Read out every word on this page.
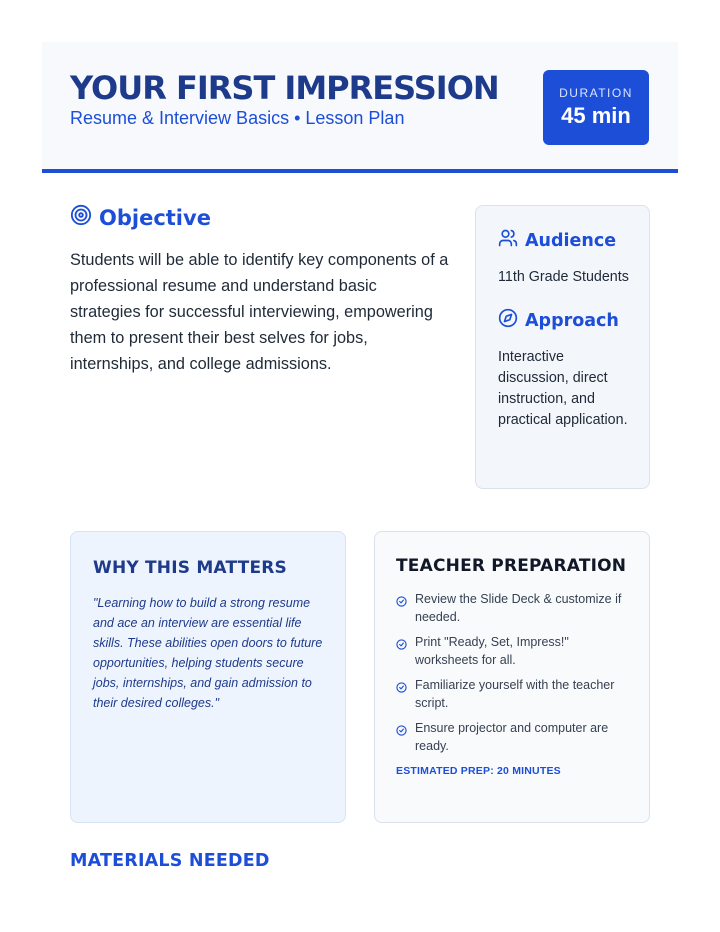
YOUR FIRST IMPRESSION
Resume & Interview Basics • Lesson Plan
DURATION
45 min
Objective

Students will be able to identify key components of a professional resume and understand basic strategies for successful interviewing, empowering them to present their best selves for jobs, internships, and college admissions.

Audience

11th Grade Students

Approach

Interactive discussion, direct instruction, and practical application.

WHY THIS MATTERS

"Learning how to build a strong resume and ace an interview are essential life skills. These abilities open doors to future opportunities, helping students secure jobs, internships, and gain admission to their desired colleges."

TEACHER PREPARATION
Review the Slide Deck & customize if needed.
Print "Ready, Set, Impress!" worksheets for all.
Familiarize yourself with the teacher script.
Ensure projector and computer are ready.
ESTIMATED PREP: 20 MINUTES
MATERIALS NEEDED
